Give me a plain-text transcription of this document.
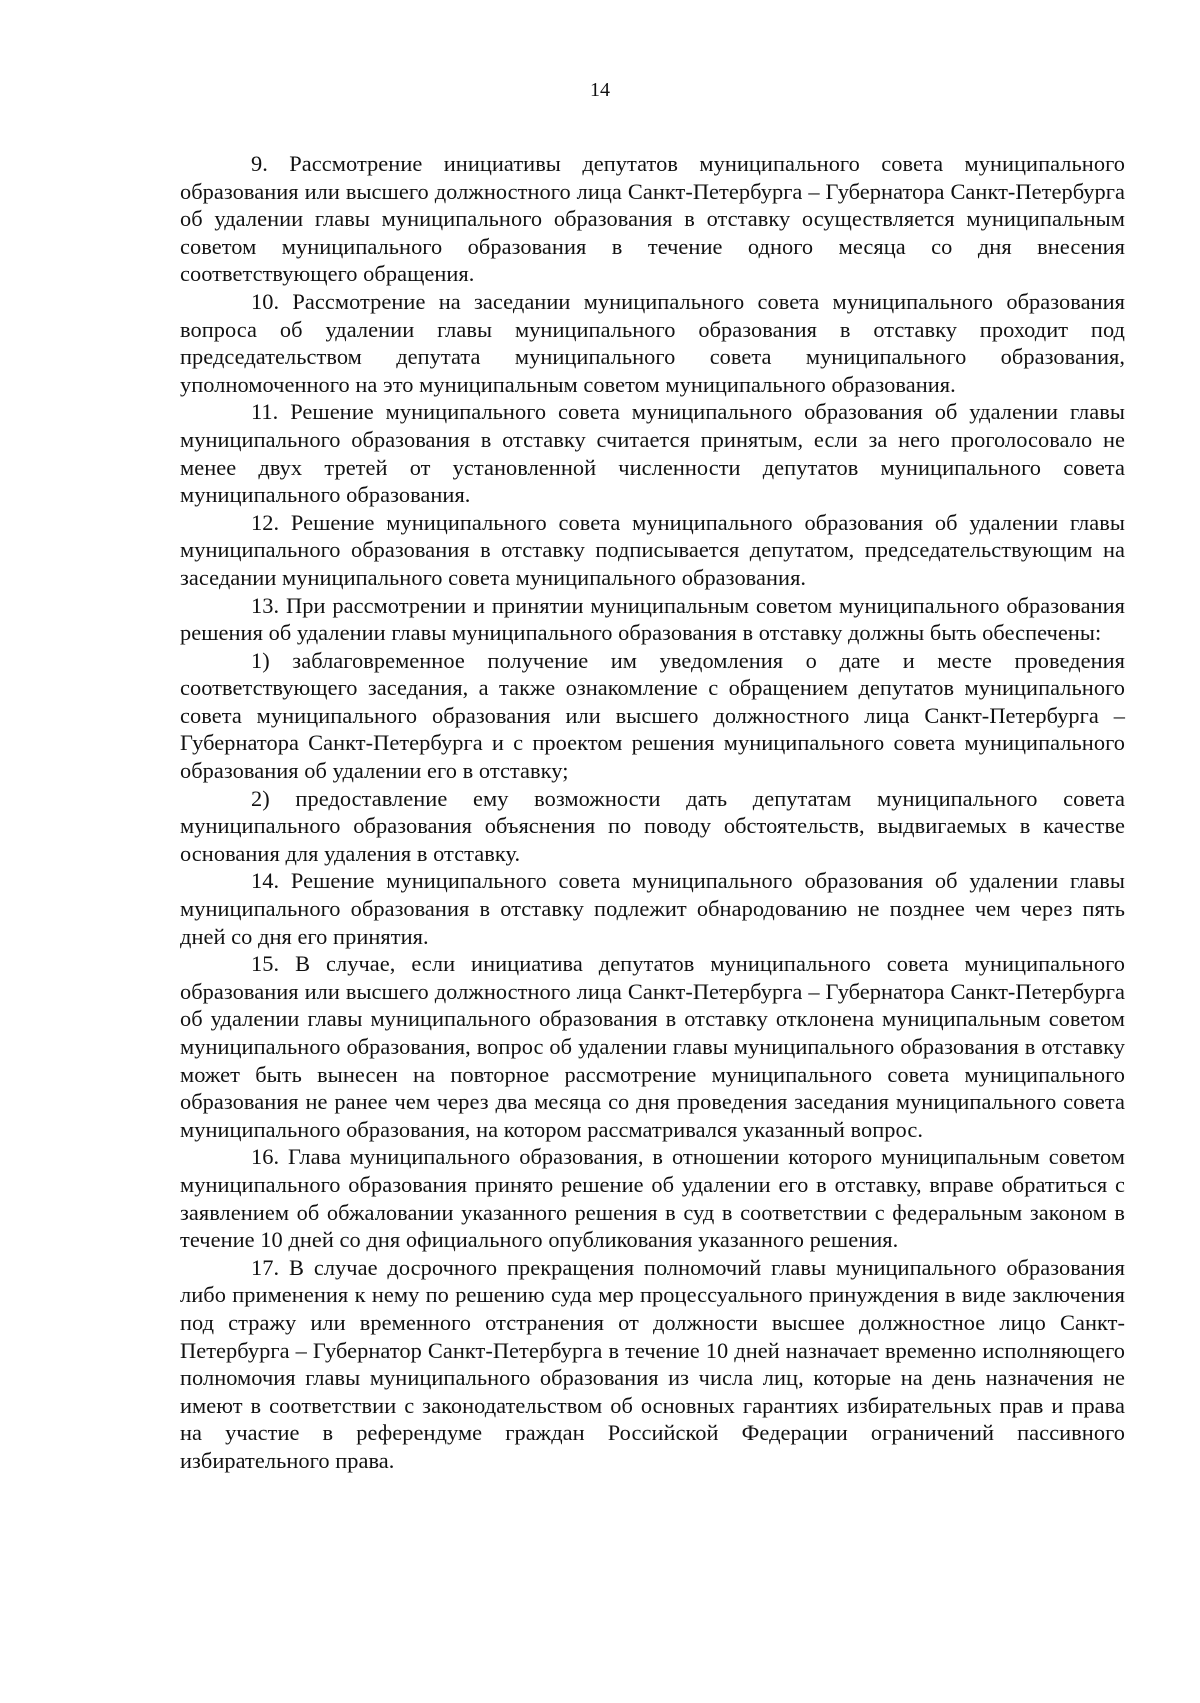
14

9. Рассмотрение инициативы депутатов муниципального совета муниципального образования или высшего должностного лица Санкт-Петербурга – Губернатора Санкт-Петербурга об удалении главы муниципального образования в отставку осуществляется муниципальным советом муниципального образования в течение одного месяца со дня внесения соответствующего обращения.

10. Рассмотрение на заседании муниципального совета муниципального образования вопроса об удалении главы муниципального образования в отставку проходит под председательством депутата муниципального совета муниципального образования, уполномоченного на это муниципальным советом муниципального образования.

11. Решение муниципального совета муниципального образования об удалении главы муниципального образования в отставку считается принятым, если за него проголосовало не менее двух третей от установленной численности депутатов муниципального совета муниципального образования.

12. Решение муниципального совета муниципального образования об удалении главы муниципального образования в отставку подписывается депутатом, председательствующим на заседании муниципального совета муниципального образования.

13. При рассмотрении и принятии муниципальным советом муниципального образования решения об удалении главы муниципального образования в отставку должны быть обеспечены:

1) заблаговременное получение им уведомления о дате и месте проведения соответствующего заседания, а также ознакомление с обращением депутатов муниципального совета муниципального образования или высшего должностного лица Санкт-Петербурга – Губернатора Санкт-Петербурга и с проектом решения муниципального совета муниципального образования об удалении его в отставку;

2) предоставление ему возможности дать депутатам муниципального совета муниципального образования объяснения по поводу обстоятельств, выдвигаемых в качестве основания для удаления в отставку.

14. Решение муниципального совета муниципального образования об удалении главы муниципального образования в отставку подлежит обнародованию не позднее чем через пять дней со дня его принятия.

15. В случае, если инициатива депутатов муниципального совета муниципального образования или высшего должностного лица Санкт-Петербурга – Губернатора Санкт-Петербурга об удалении главы муниципального образования в отставку отклонена муниципальным советом муниципального образования, вопрос об удалении главы муниципального образования в отставку может быть вынесен на повторное рассмотрение муниципального совета муниципального образования не ранее чем через два месяца со дня проведения заседания муниципального совета муниципального образования, на котором рассматривался указанный вопрос.

16. Глава муниципального образования, в отношении которого муниципальным советом муниципального образования принято решение об удалении его в отставку, вправе обратиться с заявлением об обжаловании указанного решения в суд в соответствии с федеральным законом в течение 10 дней со дня официального опубликования указанного решения.

17. В случае досрочного прекращения полномочий главы муниципального образования либо применения к нему по решению суда мер процессуального принуждения в виде заключения под стражу или временного отстранения от должности высшее должностное лицо Санкт-Петербурга – Губернатор Санкт-Петербурга в течение 10 дней назначает временно исполняющего полномочия главы муниципального образования из числа лиц, которые на день назначения не имеют в соответствии с законодательством об основных гарантиях избирательных прав и права на участие в референдуме граждан Российской Федерации ограничений пассивного избирательного права.
